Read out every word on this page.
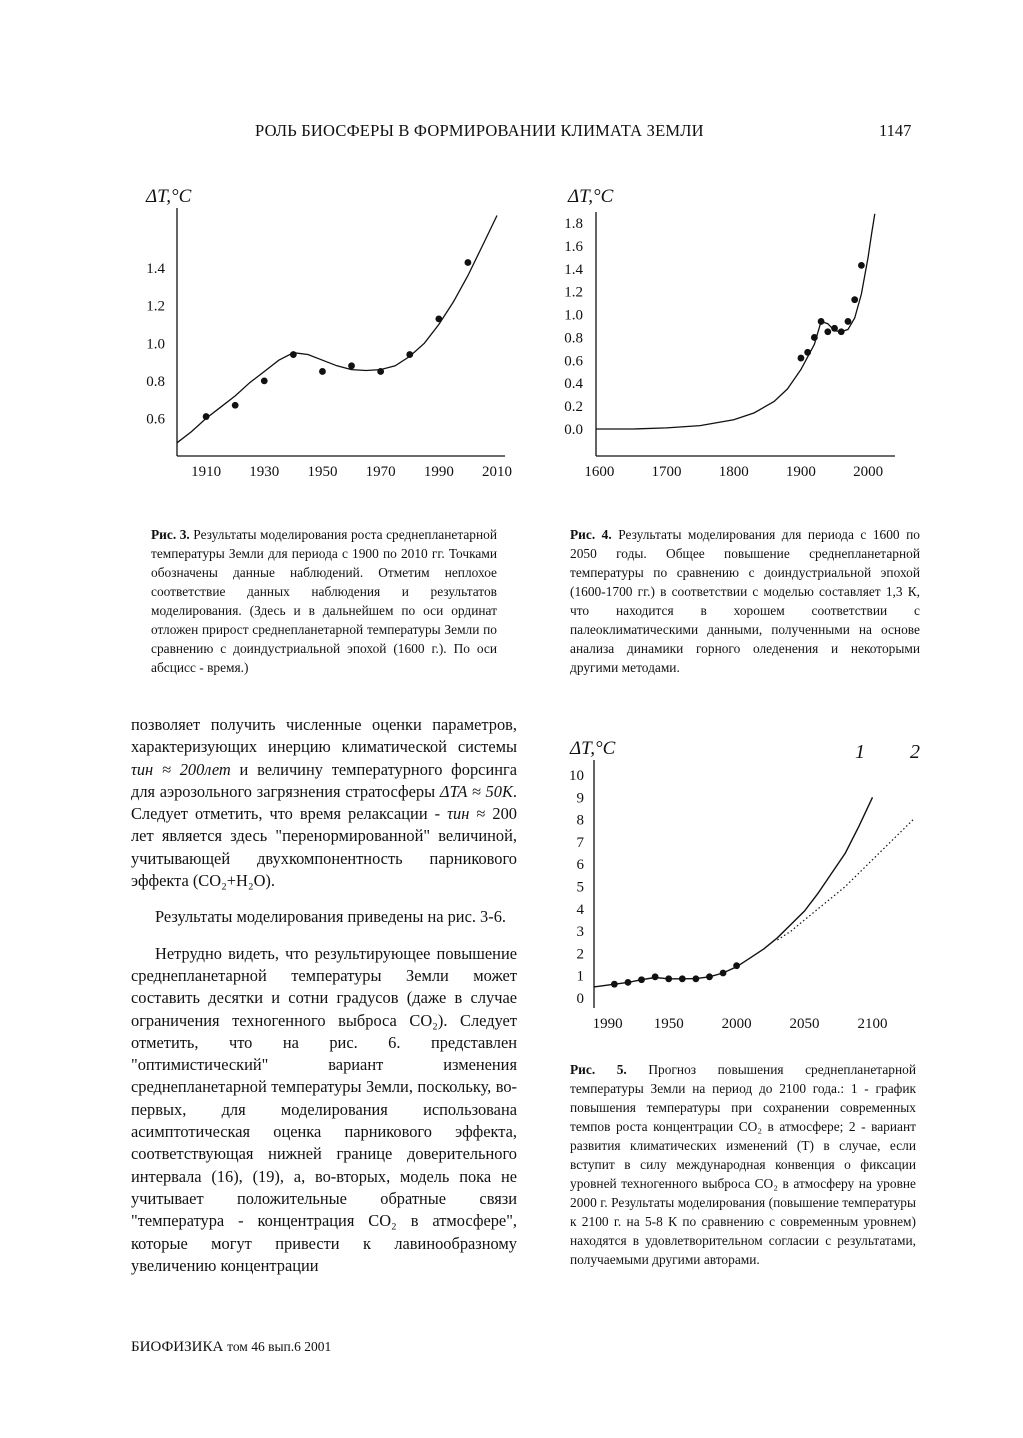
РОЛЬ БИОСФЕРЫ В ФОРМИРОВАНИИ КЛИМАТА ЗЕМЛИ	1147
ΔT,°C
0.6
0.8
1.0
1.2
1.4
1910 1930 1950 1970 1990 2010
ΔT,°C
0.0
0.2
0.4
0.6
0.8
1.0
1.2
1.4
1.6
1.8
1600 1700 1800 1900 2000
Рис. 3. Результаты моделирования роста среднепланетарной температуры Земли для периода с 1900 по 2010 гг. Точками обозначены данные наблюдений. Отметим неплохое соответствие данных наблюдения и результатов моделирования. (Здесь и в дальнейшем по оси ординат отложен прирост среднепланетарной температуры Земли по сравнению с доиндустриальной эпохой (1600 г.). По оси абсцисс - время.)
Рис. 4. Результаты моделирования для периода с 1600 по 2050 годы. Общее повышение среднепланетарной температуры по сравнению с доиндустриальной эпохой (1600-1700 гг.) в соответствии с моделью составляет 1,3 К, что находится в хорошем соответствии с палеоклиматическими данными, полученными на основе анализа динамики горного оледенения и некоторыми другими методами.

позволяет получить численные оценки параметров, характеризующих инерцию климатической системы τин ≈ 200лет и величину температурного форсинга для аэрозольного загрязнения стратосферы ΔTA ≈ 50K. Следует отметить, что время релаксации - τин ≈ 200 лет является здесь "перенормированной" величиной, учитывающей двухкомпонентность парникового эффекта (CO₂+H₂O).

Результаты моделирования приведены на рис. 3-6.

Нетрудно видеть, что результирующее повышение среднепланетарной температуры Земли может составить десятки и сотни градусов (даже в случае ограничения техногенного выброса CO₂). Следует отметить, что на рис. 6. представлен "оптимистический" вариант изменения среднепланетарной температуры Земли, поскольку, во-первых, для моделирования использована асимптотическая оценка парникового эффекта, соответствующая нижней границе доверительного интервала (16), (19), а, во-вторых, модель пока не учитывает положительные обратные связи "температура - концентрация CO₂ в атмосфере", которые могут привести к лавинообразному увеличению концентрации

ΔT,°C
0
1
2
3
4
5
6
7
8
9
10
1990 1950	2000	2050	2100
1 2
Рис. 5. Прогноз повышения среднепланетарной температуры Земли на период до 2100 года.: 1 - график повышения температуры при сохранении современных темпов роста концентрации CO₂ в атмосфере; 2 - вариант развития климатических изменений (T) в случае, если вступит в силу международная конвенция о фиксации уровней техногенного выброса CO₂ в атмосферу на уровне 2000 г. Результаты моделирования (повышение температуры к 2100 г. на 5-8 К по сравнению с современным уровнем) находятся в удовлетворительном согласии с результатами, получаемыми другими авторами.
БИОФИЗИКА том 46 вып.6 2001
